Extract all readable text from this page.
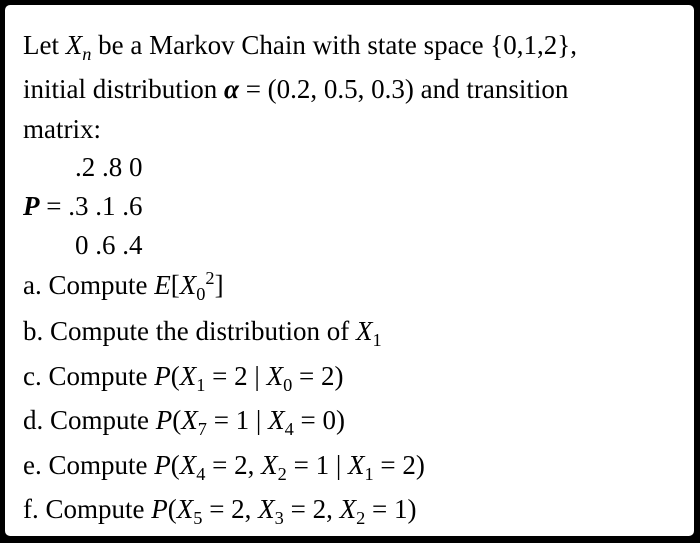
Let $X_n$ be a Markov Chain with state space {0,1,2},
initial distribution α = (0.2, 0.5, 0.3) and transition
matrix:
.2 .8 0
P = .3 .1 .6
0 .6 .4
a. Compute $E[X_0^2]$
b. Compute the distribution of $X_1$
c. Compute $P(X_1 = 2$ | $X_0 = 2$)
d. Compute $P(X_7 = 1$ | $X_4 = 0$)
e. Compute $P(X_4 = 2$, $X_2 = 1$ | $X_1 = 2$)
f. Compute $P(X_5 = 2$, $X_3 = 2$, $X_2 = 1$)
